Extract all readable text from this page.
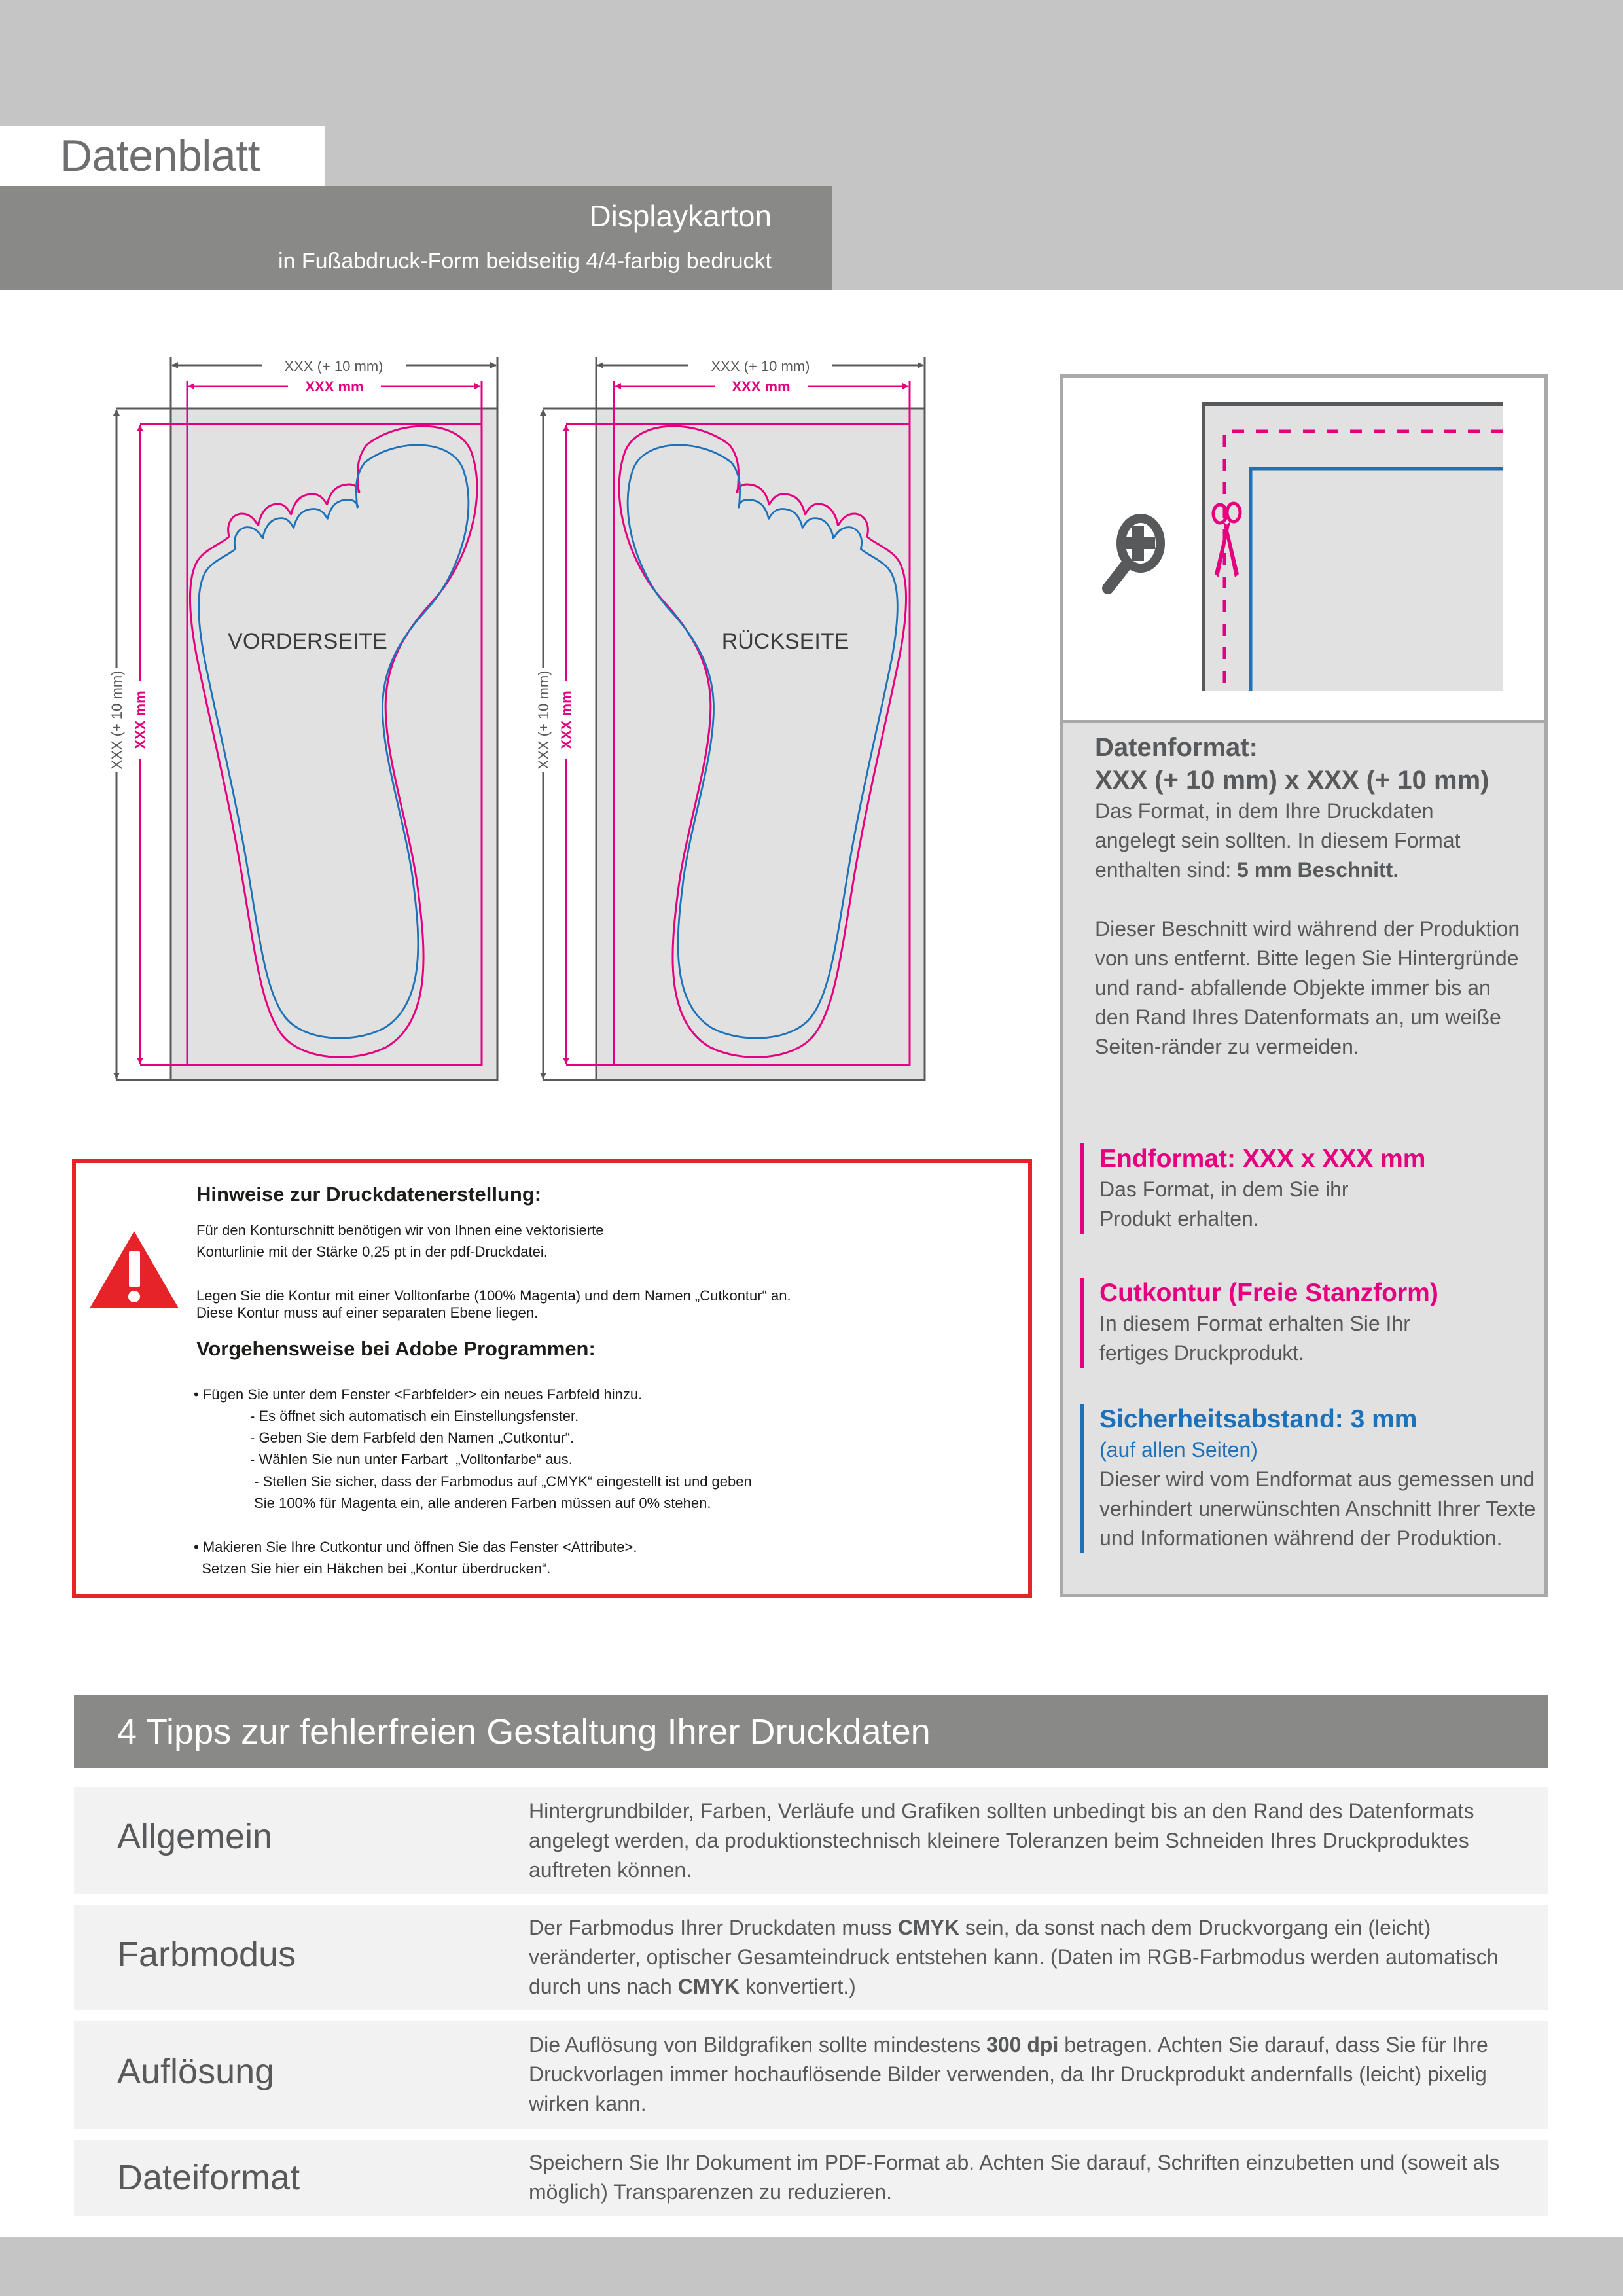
Datenblatt
Displaykarton
in Fußabdruck-Form beidseitig 4/4-farbig bedruckt
XXX (+ 10 mm)
XXX mm
XXX (+ 10 mm) XXX mm
VORDERSEITE
XXX (+ 10 mm)
XXX mm
XXX (+ 10 mm) XXX mm
RÜCKSEITE
Datenformat:
XXX (+ 10 mm) x XXX (+ 10 mm)
Das Format, in dem Ihre Druckdaten angelegt sein sollten. In diesem Format enthalten sind: 5 mm Beschnitt.
Dieser Beschnitt wird während der Produktion von uns entfernt. Bitte legen Sie Hintergründe und rand- abfallende Objekte immer bis an den Rand Ihres Datenformats an, um weiße Seiten-ränder zu vermeiden.
Endformat: XXX x XXX mm
Das Format, in dem Sie ihr Produkt erhalten.
Cutkontur (Freie Stanzform)
In diesem Format erhalten Sie Ihr fertiges Druckprodukt.
Sicherheitsabstand: 3 mm
(auf allen Seiten)
Dieser wird vom Endformat aus gemessen und verhindert unerwünschten Anschnitt Ihrer Texte und Informationen während der Produktion.
Hinweise zur Druckdatenerstellung:
Für den Konturschnitt benötigen wir von Ihnen eine vektorisierte
Konturlinie mit der Stärke 0,25 pt in der pdf-Druckdatei.
Legen Sie die Kontur mit einer Volltonfarbe (100% Magenta) und dem Namen „Cutkontur“ an.
Diese Kontur muss auf einer separaten Ebene liegen.
Vorgehensweise bei Adobe Programmen:
• Fügen Sie unter dem Fenster <Farbfelder> ein neues Farbfeld hinzu.
- Es öffnet sich automatisch ein Einstellungsfenster.
- Geben Sie dem Farbfeld den Namen „Cutkontur“.
- Wählen Sie nun unter Farbart  „Volltonfarbe“ aus.
- Stellen Sie sicher, dass der Farbmodus auf „CMYK“ eingestellt ist und geben
Sie 100% für Magenta ein, alle anderen Farben müssen auf 0% stehen.
• Makieren Sie Ihre Cutkontur und öffnen Sie das Fenster <Attribute>.
Setzen Sie hier ein Häkchen bei „Kontur überdrucken“.
4 Tipps zur fehlerfreien Gestaltung Ihrer Druckdaten
Allgemein
Hintergrundbilder, Farben, Verläufe und Grafiken sollten unbedingt bis an den Rand des Datenformats angelegt werden, da produktionstechnisch kleinere Toleranzen beim Schneiden Ihres Druckproduktes auftreten können.
Farbmodus
Der Farbmodus Ihrer Druckdaten muss CMYK sein, da sonst nach dem Druckvorgang ein (leicht) veränderter, optischer Gesamteindruck entstehen kann. (Daten im RGB-Farbmodus werden automatisch durch uns nach CMYK konvertiert.)
Auflösung
Die Auflösung von Bildgrafiken sollte mindestens 300 dpi betragen. Achten Sie darauf, dass Sie für Ihre Druckvorlagen immer hochauflösende Bilder verwenden, da Ihr Druckprodukt andernfalls (leicht) pixelig wirken kann.
Dateiformat	Speichern Sie Ihr Dokument im PDF-Format ab. Achten Sie darauf, Schriften einzubetten und (soweit als möglich) Transparenzen zu reduzieren.
